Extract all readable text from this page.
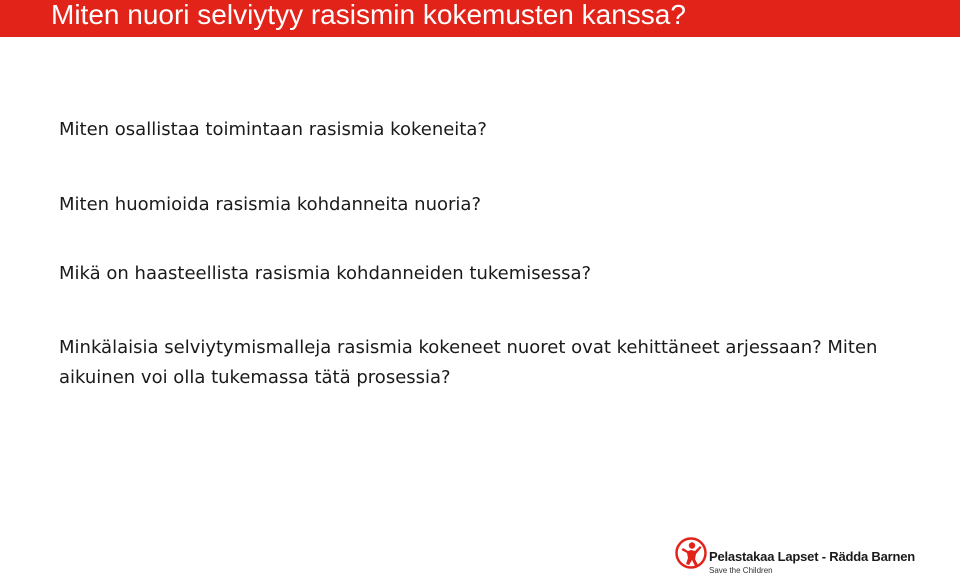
Miten nuori selviytyy rasismin kokemusten kanssa?

Miten osallistaa toimintaan rasismia kokeneita?

Miten huomioida rasismia kohdanneita nuoria?

Mikä on haasteellista rasismia kohdanneiden tukemisessa?

Minkälaisia selviytymismalleja rasismia kokeneet nuoret ovat kehittäneet arjessaan? Miten aikuinen voi olla tukemassa tätä prosessia?

Pelastakaa Lapset - Rädda Barnen
Save the Children
